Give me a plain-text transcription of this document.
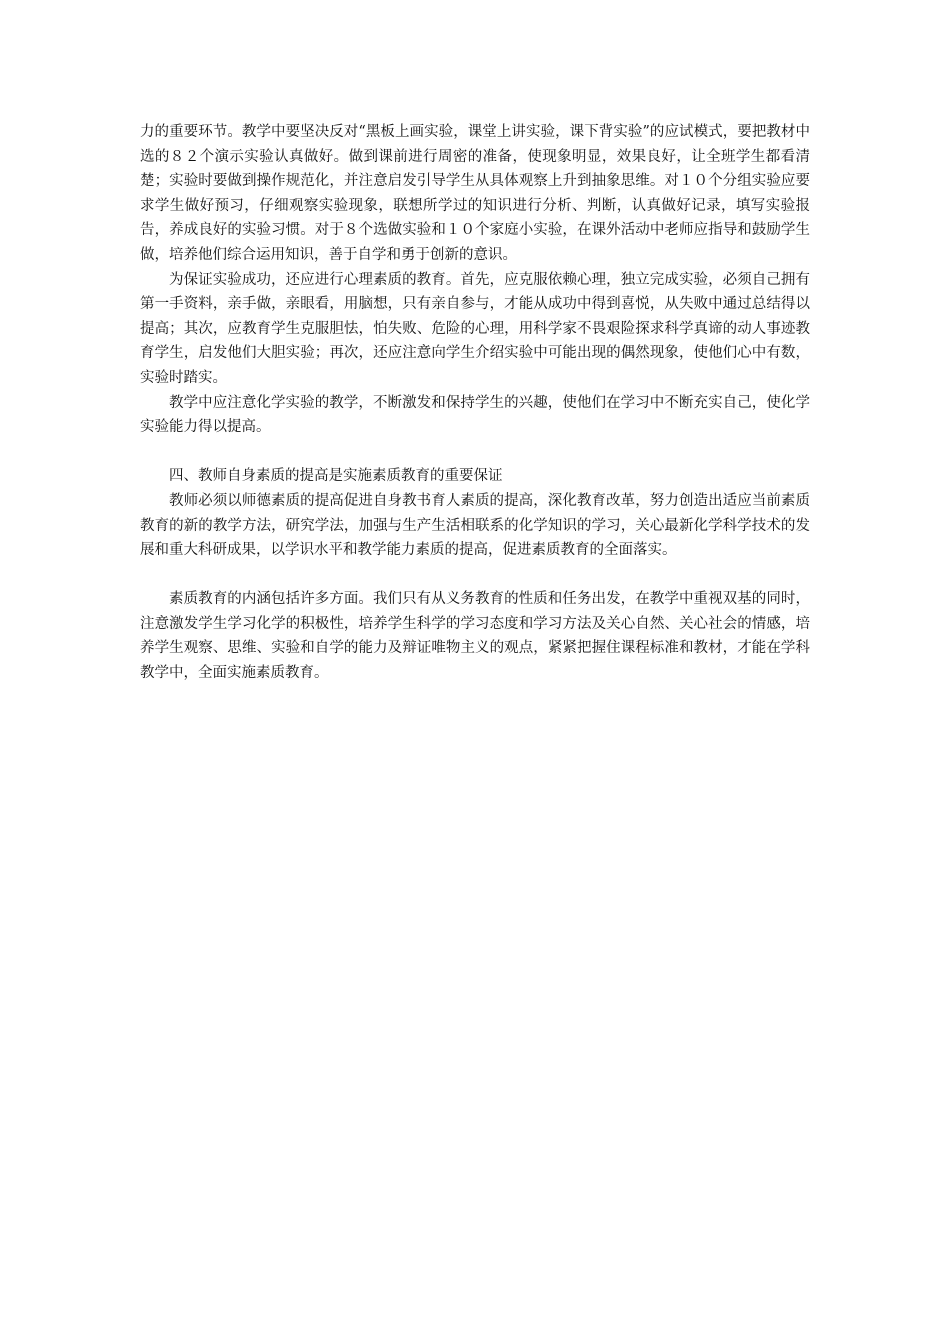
力的重要环节。教学中要坚决反对“黑板上画实验，课堂上讲实验，课下背实验”的应试模式，要把教材中选的８２个演示实验认真做好。做到课前进行周密的准备，使现象明显，效果良好，让全班学生都看清楚；实验时要做到操作规范化，并注意启发引导学生从具体观察上升到抽象思维。对１０个分组实验应要求学生做好预习，仔细观察实验现象，联想所学过的知识进行分析、判断，认真做好记录，填写实验报告，养成良好的实验习惯。对于８个选做实验和１０个家庭小实验，在课外活动中老师应指导和鼓励学生做，培养他们综合运用知识，善于自学和勇于创新的意识。

为保证实验成功，还应进行心理素质的教育。首先，应克服依赖心理，独立完成实验，必须自己拥有第一手资料，亲手做，亲眼看，用脑想，只有亲自参与，才能从成功中得到喜悦，从失败中通过总结得以提高；其次，应教育学生克服胆怯，怕失败、危险的心理，用科学家不畏艰险探求科学真谛的动人事迹教育学生，启发他们大胆实验；再次，还应注意向学生介绍实验中可能出现的偶然现象，使他们心中有数，实验时踏实。

教学中应注意化学实验的教学，不断激发和保持学生的兴趣，使他们在学习中不断充实自己，使化学实验能力得以提高。

四、教师自身素质的提高是实施素质教育的重要保证

教师必须以师德素质的提高促进自身教书育人素质的提高，深化教育改革，努力创造出适应当前素质教育的新的教学方法，研究学法，加强与生产生活相联系的化学知识的学习，关心最新化学科学技术的发展和重大科研成果，以学识水平和教学能力素质的提高，促进素质教育的全面落实。

素质教育的内涵包括许多方面。我们只有从义务教育的性质和任务出发，在教学中重视双基的同时，注意激发学生学习化学的积极性，培养学生科学的学习态度和学习方法及关心自然、关心社会的情感，培养学生观察、思维、实验和自学的能力及辩证唯物主义的观点，紧紧把握住课程标准和教材，才能在学科教学中，全面实施素质教育。
